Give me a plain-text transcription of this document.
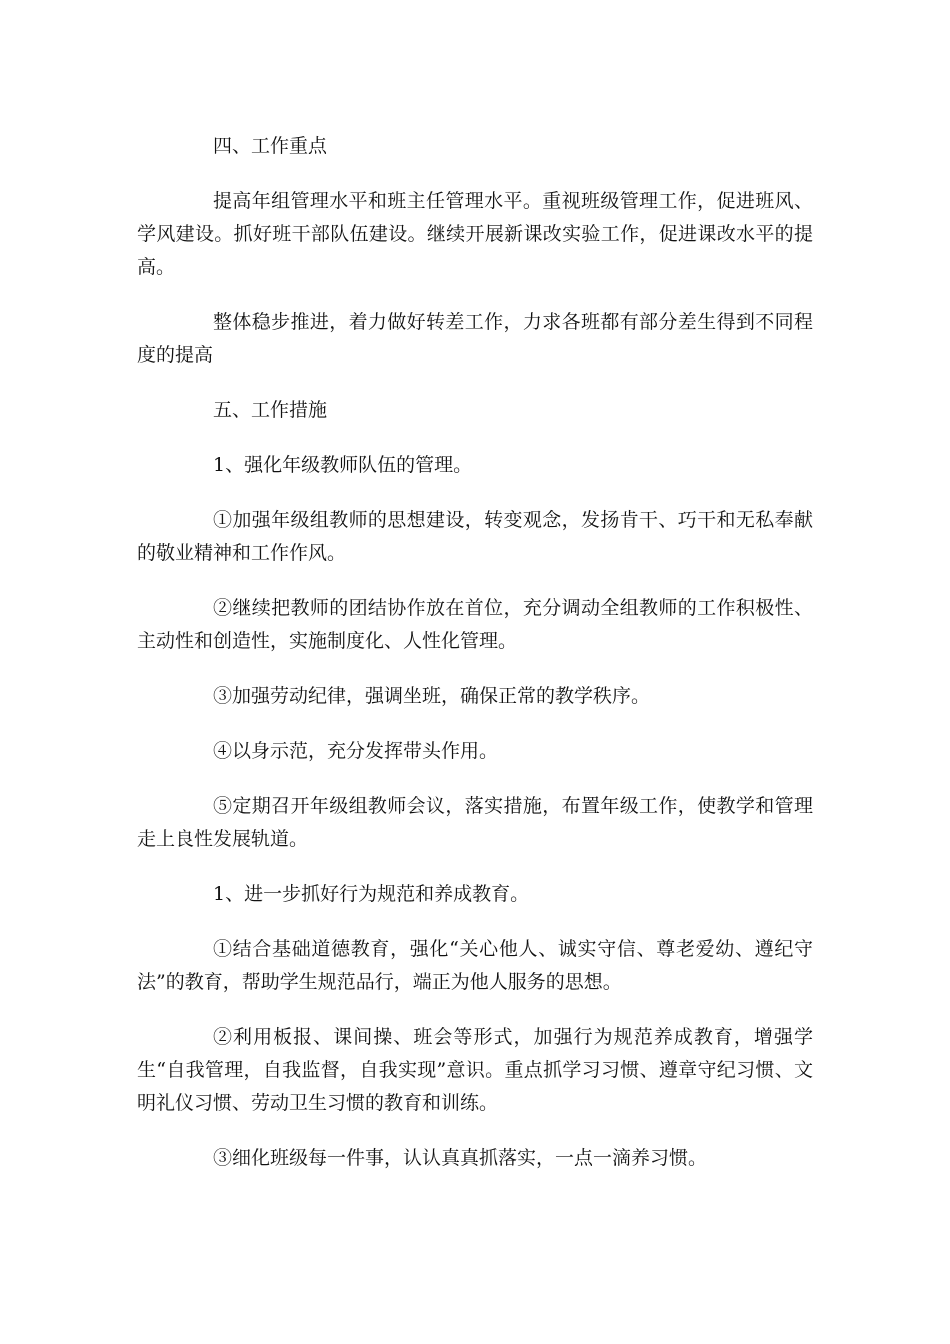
四、工作重点

提高年组管理水平和班主任管理水平。重视班级管理工作，促进班风、学风建设。抓好班干部队伍建设。继续开展新课改实验工作，促进课改水平的提高。

整体稳步推进，着力做好转差工作，力求各班都有部分差生得到不同程度的提高

五、工作措施

1、强化年级教师队伍的管理。

①加强年级组教师的思想建设，转变观念，发扬肯干、巧干和无私奉献的敬业精神和工作作风。

②继续把教师的团结协作放在首位，充分调动全组教师的工作积极性、主动性和创造性，实施制度化、人性化管理。

③加强劳动纪律，强调坐班，确保正常的教学秩序。

④以身示范，充分发挥带头作用。

⑤定期召开年级组教师会议，落实措施，布置年级工作，使教学和管理走上良性发展轨道。

1、进一步抓好行为规范和养成教育。

①结合基础道德教育，强化“关心他人、诚实守信、尊老爱幼、遵纪守法”的教育，帮助学生规范品行，端正为他人服务的思想。

②利用板报、课间操、班会等形式，加强行为规范养成教育，增强学生“自我管理，自我监督，自我实现”意识。重点抓学习习惯、遵章守纪习惯、文明礼仪习惯、劳动卫生习惯的教育和训练。

③细化班级每一件事，认认真真抓落实，一点一滴养习惯。
